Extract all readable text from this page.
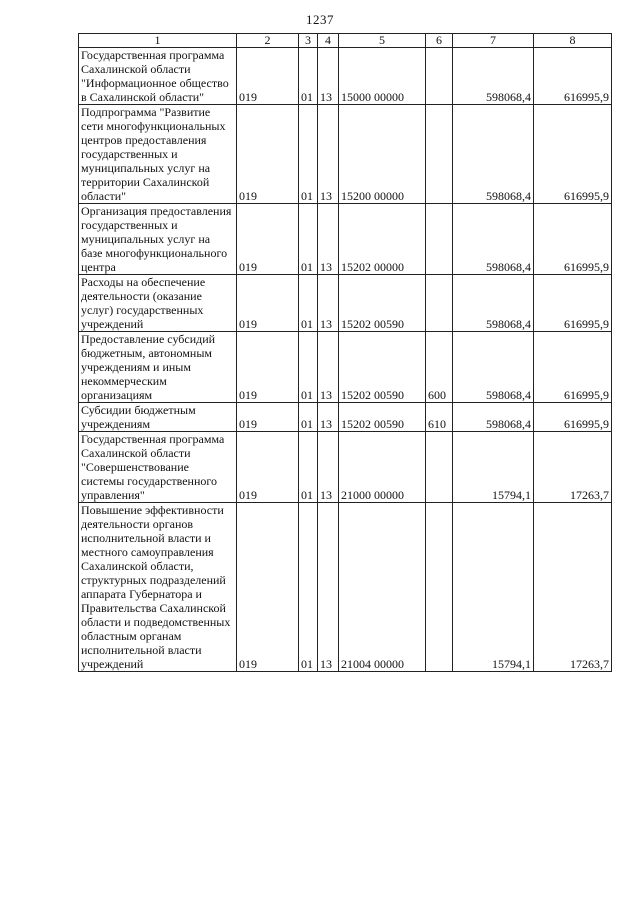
1237
1	2	3	4	5	6	7	8
Государственная программа Сахалинской области "Информационное общество в Сахалинской области"	019	01	13	15000 00000		598068,4	616995,9
Подпрограмма "Развитие сети многофункциональных центров предоставления государственных и муниципальных услуг на территории Сахалинской области"	019	01	13	15200 00000		598068,4	616995,9
Организация предоставления государственных и муниципальных услуг на базе многофункционального центра	019	01	13	15202 00000		598068,4	616995,9
Расходы на обеспечение деятельности (оказание услуг) государственных учреждений	019	01	13	15202 00590		598068,4	616995,9
Предоставление субсидий бюджетным, автономным учреждениям и иным некоммерческим организациям	019	01	13	15202 00590	600	598068,4	616995,9
Субсидии бюджетным учреждениям	019	01	13	15202 00590	610	598068,4	616995,9
Государственная программа Сахалинской области "Совершенствование системы государственного управления"	019	01	13	21000 00000		15794,1	17263,7
Повышение эффективности деятельности органов исполнительной власти и местного самоуправления Сахалинской области, структурных подразделений аппарата Губернатора и Правительства Сахалинской области и подведомственных областным органам исполнительной власти учреждений	019	01	13	21004 00000		15794,1	17263,7
